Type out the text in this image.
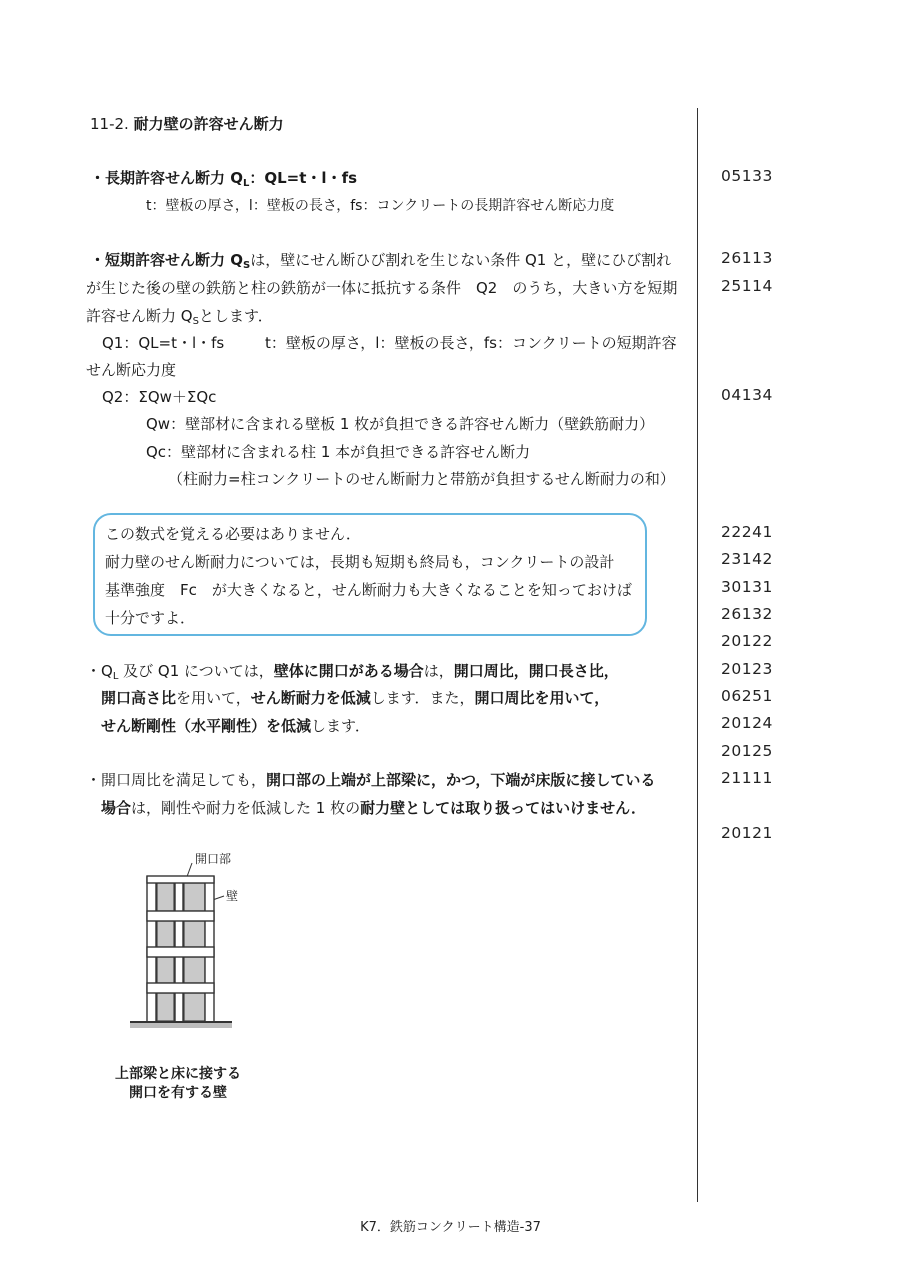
11-2. 耐力壁の許容せん断力
・長期許容せん断力 $Q_L$：QL=t・l・fs
t：壁板の厚さ，l：壁板の長さ，fs：コンクリートの長期許容せん断応力度
・短期許容せん断力 $Q_S$は，壁にせん断ひび割れを生じない条件 Q1 と，壁にひび割れ
が生じた後の壁の鉄筋と柱の鉄筋が一体に抵抗する条件　Q2　のうち，大きい方を短期
許容せん断力 $Q_S$とします．
Q1：QL=t・l・fs	t：壁板の厚さ，l：壁板の長さ，fs：コンクリートの短期許容
せん断応力度
Q2：ΣQw＋ΣQc
Qw：壁部材に含まれる壁板 1 枚が負担できる許容せん断力（壁鉄筋耐力）
Qc：壁部材に含まれる柱 1 本が負担できる許容せん断力
（柱耐力=柱コンクリートのせん断耐力と帯筋が負担するせん断耐力の和）
この数式を覚える必要はありません．
耐力壁のせん断耐力については，長期も短期も終局も，コンクリートの設計
基準強度　Fc　が大きくなると，せん断耐力も大きくなることを知っておけば
十分ですよ．
・$Q_L$ 及び Q1 については，壁体に開口がある場合は，開口周比，開口長さ比，
開口高さ比を用いて，せん断耐力を低減します．また，開口周比を用いて，
せん断剛性（水平剛性）を低減します．
・開口周比を満足しても，開口部の上端が上部梁に，かつ，下端が床版に接している
場合は，剛性や耐力を低減した 1 枚の耐力壁としては取り扱ってはいけません．
開口部
壁
上部梁と床に接する
開口を有する壁
05133
26113
25114
04134
22241
23142
30131
26132
20122
20123
06251
20124
20125
21111
20121
K7．鉄筋コンクリート構造-37
